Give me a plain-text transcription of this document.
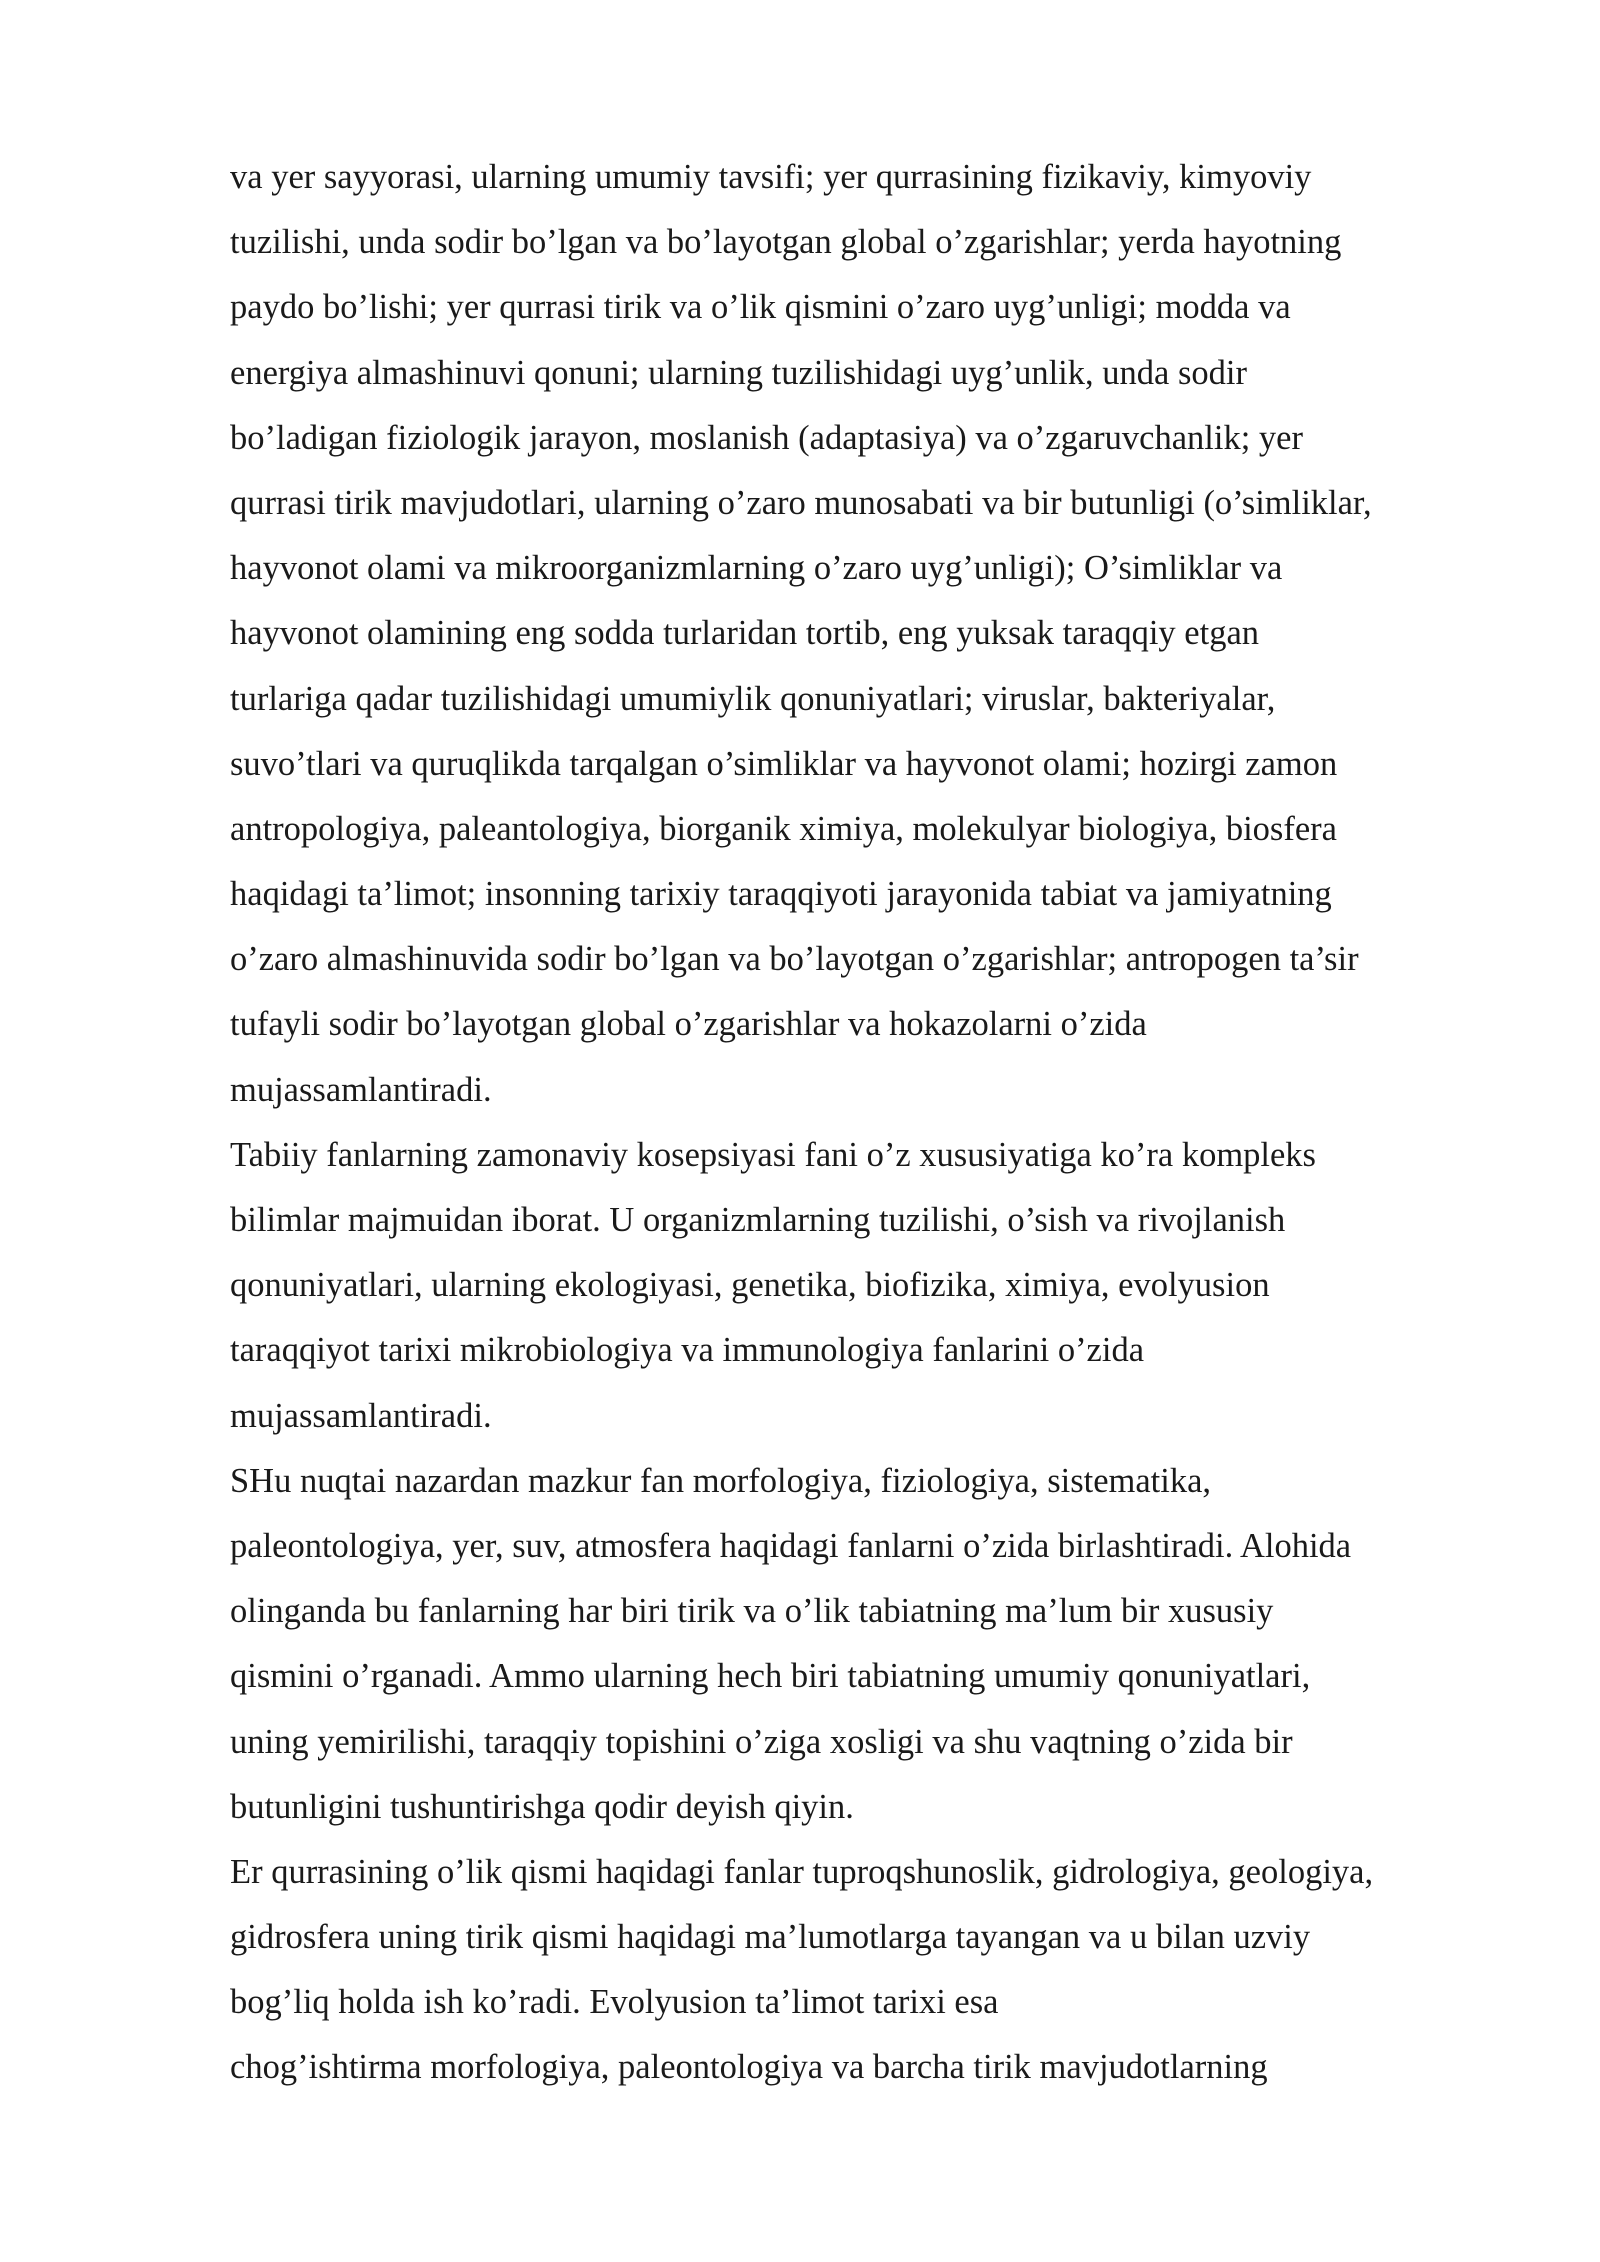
va yer sayyorasi, ularning umumiy tavsifi; yer qurrasining fizikaviy, kimyoviy
tuzilishi, unda sodir bo’lgan va bo’layotgan global o’zgarishlar; yerda hayotning
paydo bo’lishi; yer qurrasi tirik va o’lik qismini o’zaro uyg’unligi; modda va
energiya almashinuvi qonuni; ularning tuzilishidagi uyg’unlik, unda sodir
bo’ladigan fiziologik jarayon, moslanish (adaptasiya) va o’zgaruvchanlik; yer
qurrasi tirik mavjudotlari, ularning o’zaro munosabati va bir butunligi (o’simliklar,
hayvonot olami va mikroorganizmlarning o’zaro uyg’unligi); O’simliklar va
hayvonot olamining eng sodda turlaridan tortib, eng yuksak taraqqiy etgan
turlariga qadar tuzilishidagi umumiylik qonuniyatlari; viruslar, bakteriyalar,
suvo’tlari va quruqlikda tarqalgan o’simliklar va hayvonot olami; hozirgi zamon
antropologiya, paleantologiya, biorganik ximiya, molekulyar biologiya, biosfera
haqidagi ta’limot; insonning tarixiy taraqqiyoti jarayonida tabiat va jamiyatning
o’zaro almashinuvida sodir bo’lgan va bo’layotgan o’zgarishlar; antropogen ta’sir
tufayli sodir bo’layotgan global o’zgarishlar va hokazolarni o’zida
mujassamlantiradi.
Tabiiy fanlarning zamonaviy kosepsiyasi fani o’z xususiyatiga ko’ra kompleks
bilimlar majmuidan iborat. U organizmlarning tuzilishi, o’sish va rivojlanish
qonuniyatlari, ularning ekologiyasi, genetika, biofizika, ximiya, evolyusion
taraqqiyot tarixi mikrobiologiya va immunologiya fanlarini o’zida
mujassamlantiradi.
SHu nuqtai nazardan mazkur fan morfologiya, fiziologiya, sistematika,
paleontologiya, yer, suv, atmosfera haqidagi fanlarni o’zida birlashtiradi. Alohida
olinganda bu fanlarning har biri tirik va o’lik tabiatning ma’lum bir xususiy
qismini o’rganadi. Ammo ularning hech biri tabiatning umumiy qonuniyatlari,
uning yemirilishi, taraqqiy topishini o’ziga xosligi va shu vaqtning o’zida bir
butunligini tushuntirishga qodir deyish qiyin.
Er qurrasining o’lik qismi haqidagi fanlar tuproqshunoslik, gidrologiya, geologiya,
gidrosfera uning tirik qismi haqidagi ma’lumotlarga tayangan va u bilan uzviy
bog’liq holda ish ko’radi. Evolyusion ta’limot tarixi esa
chog’ishtirma morfologiya, paleontologiya va barcha tirik mavjudotlarning
